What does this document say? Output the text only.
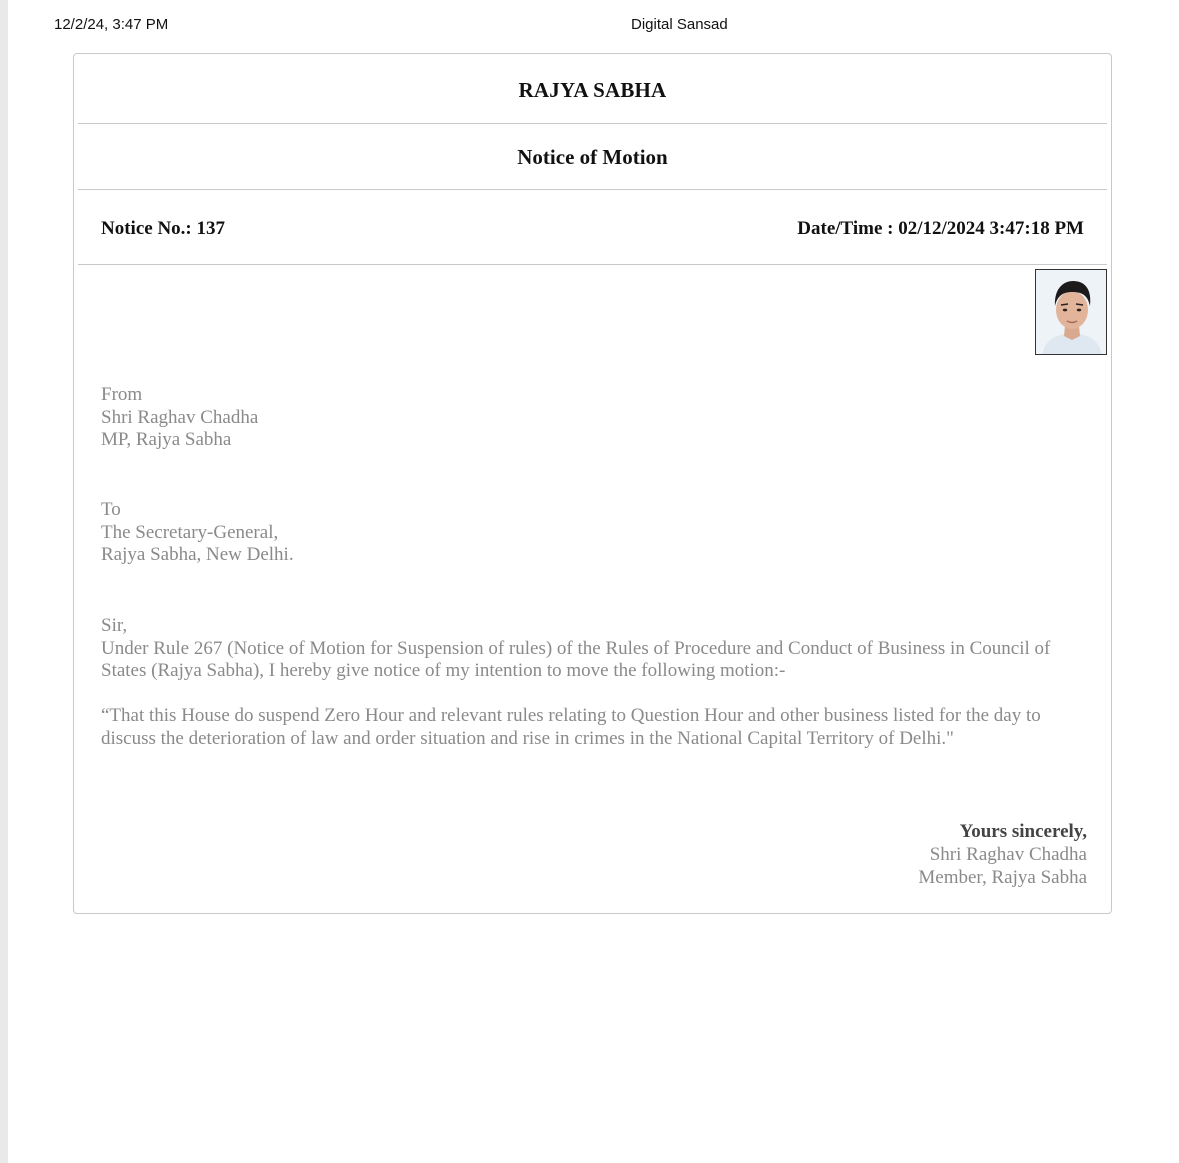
12/2/24, 3:47 PM	Digital Sansad
RAJYA SABHA
Notice of Motion
Notice No.: 137	Date/Time : 02/12/2024 3:47:18 PM
From
Shri Raghav Chadha
MP, Rajya Sabha
To
The Secretary-General,
Rajya Sabha, New Delhi.
Sir,

Under Rule 267 (Notice of Motion for Suspension of rules) of the Rules of Procedure and Conduct of Business in Council of States (Rajya Sabha), I hereby give notice of my intention to move the following motion:-

“That this House do suspend Zero Hour and relevant rules relating to Question Hour and other business listed for the day to discuss the deterioration of law and order situation and rise in crimes in the National Capital Territory of Delhi."

Yours sincerely,
Shri Raghav Chadha
Member, Rajya Sabha
